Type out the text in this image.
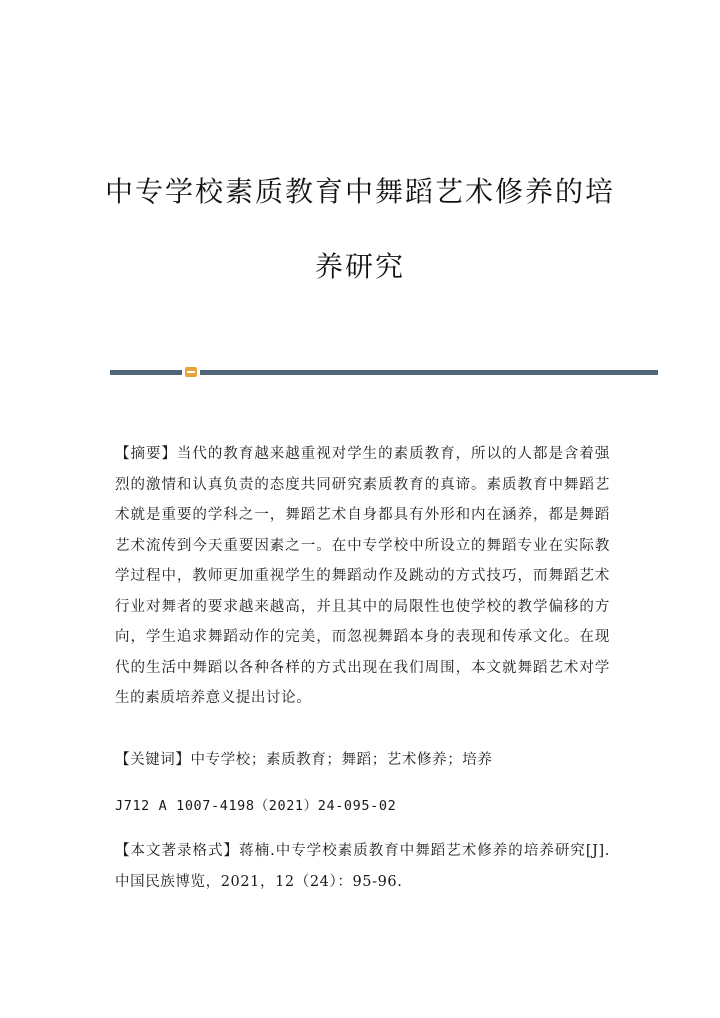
中专学校素质教育中舞蹈艺术修养的培
养研究
【摘要】当代的教育越来越重视对学生的素质教育，所以的人都是含着强烈的激情和认真负责的态度共同研究素质教育的真谛。素质教育中舞蹈艺术就是重要的学科之一，舞蹈艺术自身都具有外形和内在涵养，都是舞蹈艺术流传到今天重要因素之一。在中专学校中所设立的舞蹈专业在实际教学过程中，教师更加重视学生的舞蹈动作及跳动的方式技巧，而舞蹈艺术行业对舞者的要求越来越高，并且其中的局限性也使学校的教学偏移的方向，学生追求舞蹈动作的完美，而忽视舞蹈本身的表现和传承文化。在现代的生活中舞蹈以各种各样的方式出现在我们周围，本文就舞蹈艺术对学生的素质培养意义提出讨论。
【关键词】中专学校；素质教育；舞蹈；艺术修养；培养
J712 A 1007-4198（2021）24-095-02
【本文著录格式】蒋楠.中专学校素质教育中舞蹈艺术修养的培养研究[J].中国民族博览，2021，12（24）：95-96.
